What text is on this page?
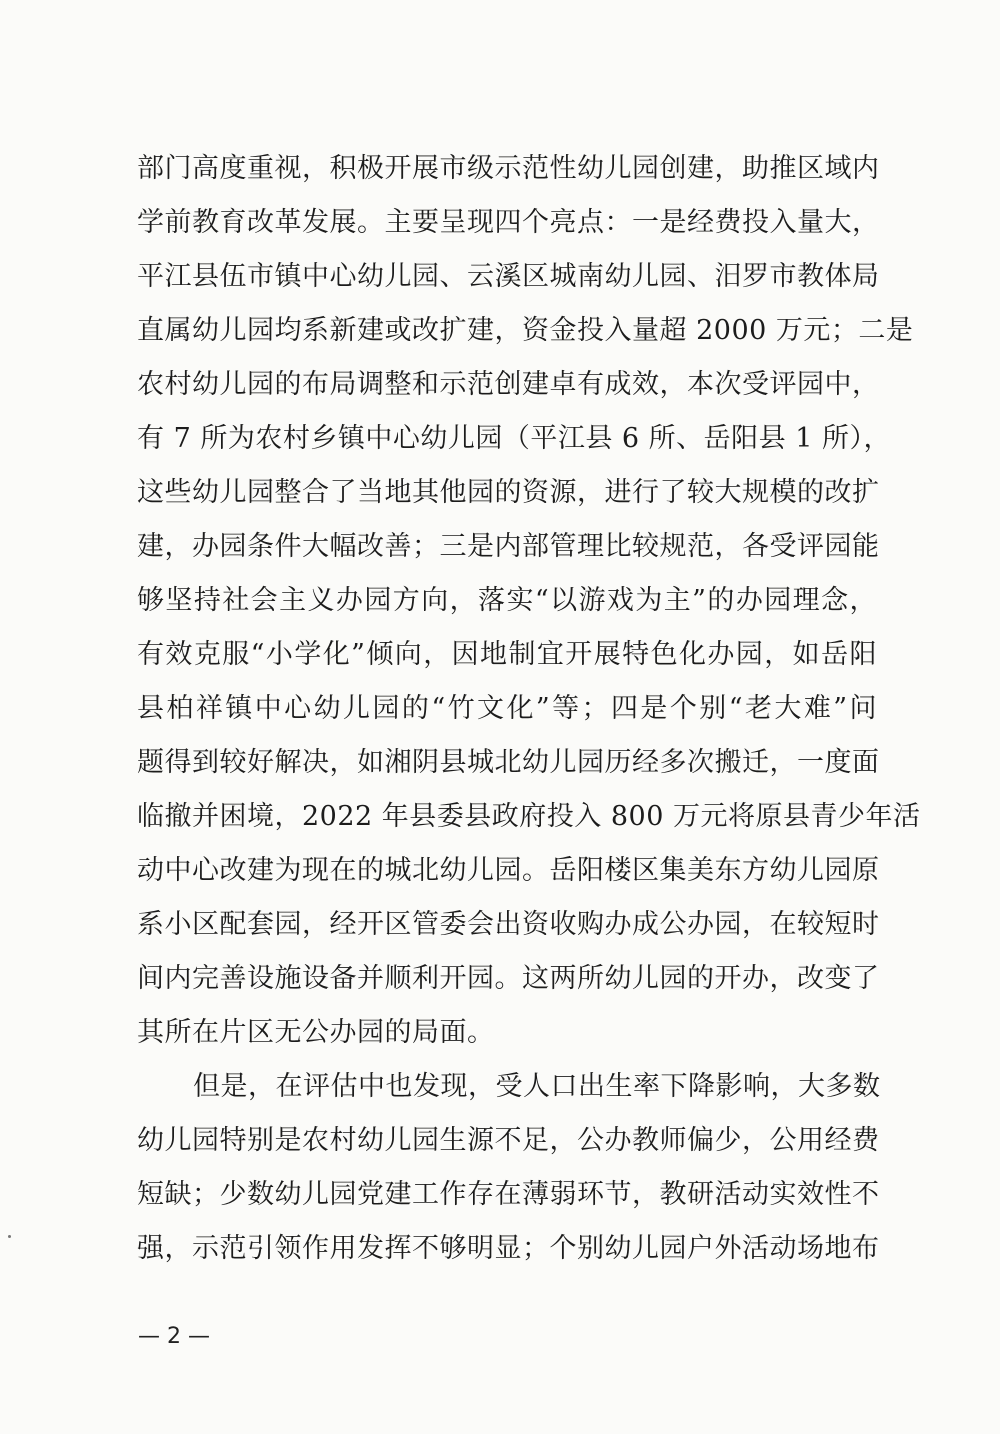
部门高度重视，积极开展市级示范性幼儿园创建，助推区域内
学前教育改革发展。主要呈现四个亮点：一是经费投入量大，
平江县伍市镇中心幼儿园、云溪区城南幼儿园、汨罗市教体局
直属幼儿园均系新建或改扩建，资金投入量超 2000 万元；二是
农村幼儿园的布局调整和示范创建卓有成效，本次受评园中，
有 7 所为农村乡镇中心幼儿园（平江县 6 所、岳阳县 1 所），
这些幼儿园整合了当地其他园的资源，进行了较大规模的改扩
建，办园条件大幅改善；三是内部管理比较规范，各受评园能
够坚持社会主义办园方向，落实“以游戏为主”的办园理念，
有效克服“小学化”倾向，因地制宜开展特色化办园，如岳阳
县柏祥镇中心幼儿园的“竹文化”等；四是个别“老大难”问
题得到较好解决，如湘阴县城北幼儿园历经多次搬迁，一度面
临撤并困境，2022 年县委县政府投入 800 万元将原县青少年活
动中心改建为现在的城北幼儿园。岳阳楼区集美东方幼儿园原
系小区配套园，经开区管委会出资收购办成公办园，在较短时
间内完善设施设备并顺利开园。这两所幼儿园的开办，改变了
其所在片区无公办园的局面。
但是，在评估中也发现，受人口出生率下降影响，大多数
幼儿园特别是农村幼儿园生源不足，公办教师偏少，公用经费
短缺；少数幼儿园党建工作存在薄弱环节，教研活动实效性不
强，示范引领作用发挥不够明显；个别幼儿园户外活动场地布
— 2 —
